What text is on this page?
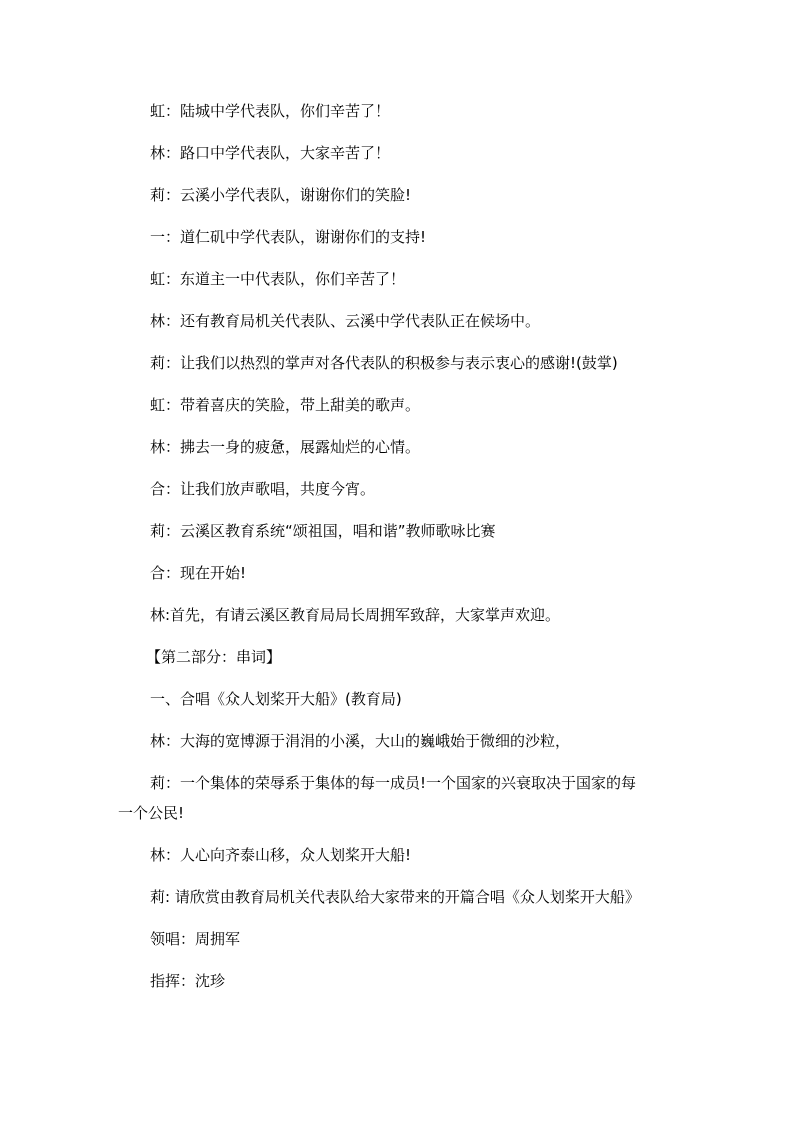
虹：陆城中学代表队，你们辛苦了！
林：路口中学代表队，大家辛苦了！
莉：云溪小学代表队，谢谢你们的笑脸!
一：道仁矶中学代表队，谢谢你们的支持!
虹：东道主一中代表队，你们辛苦了！
林：还有教育局机关代表队、云溪中学代表队正在候场中。
莉：让我们以热烈的掌声对各代表队的积极参与表示衷心的感谢!(鼓掌)
虹：带着喜庆的笑脸，带上甜美的歌声。
林：拂去一身的疲惫，展露灿烂的心情。
合：让我们放声歌唱，共度今宵。
莉：云溪区教育系统“颂祖国，唱和谐”教师歌咏比赛
合：现在开始!
林:首先，有请云溪区教育局局长周拥军致辞，大家掌声欢迎。
【第二部分：串词】
一、合唱《众人划桨开大船》(教育局)
林：大海的宽博源于涓涓的小溪，大山的巍峨始于微细的沙粒，
莉：一个集体的荣辱系于集体的每一成员!一个国家的兴衰取决于国家的每
一个公民!
林：人心向齐泰山移，众人划桨开大船!
莉: 请欣赏由教育局机关代表队给大家带来的开篇合唱《众人划桨开大船》
领唱：周拥军
指挥：沈珍
